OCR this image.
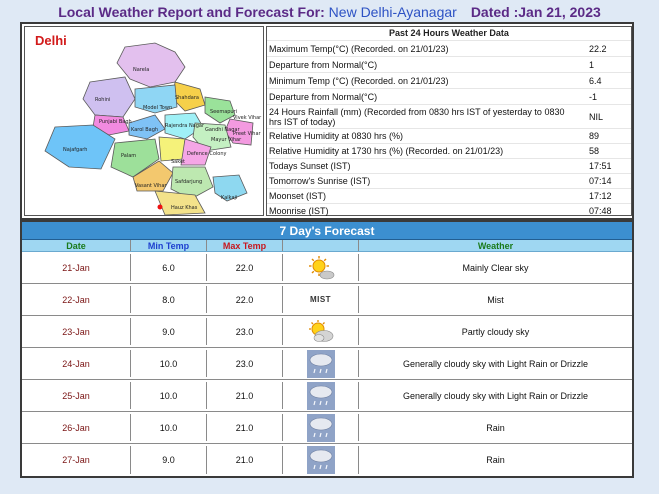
Local Weather Report and Forecast For: New Delhi-Ayanagar Dated :Jan 21, 2023
Delhi
Narela
Rohini	Shahdara
Model Town
Seemapuri
Punjabi Bagh
Karol Bagh
Rajendra Nagar
Kalkaji
Najafgarh
Palam
Vasant Vihar
Saket
Safdarjung
Hauz Khas
Defence Colony
Mayur Vihar
Preet Vihar
Vivek Vihar
Gandhi Nagar
Past 24 Hours Weather Data
Maximum Temp(°C) (Recorded. on 21/01/23)	22.2
Departure from Normal(°C)	1
Minimum Temp (°C) (Recorded. on 21/01/23)	6.4
Departure from Normal(°C)	-1
24 Hours Rainfall (mm) (Recorded from 0830 hrs IST of yesterday to 0830 hrs IST of today)	NIL
Relative Humidity at 0830 hrs (%)	89
Relative Humidity at 1730 hrs (%) (Recorded. on 21/01/23)	58
Todays Sunset (IST)	17:51
Tomorrow's Sunrise (IST)	07:14
Moonset (IST)	17:12
Moonrise (IST)	07:48
7 Day's Forecast
Date	Min Temp	Max Temp	Weather
21-Jan	6.0	22.0	Mainly Clear sky
22-Jan	8.0	22.0	MIST	Mist
23-Jan	9.0	23.0	Partly cloudy sky
24-Jan	10.0	23.0	Generally cloudy sky with Light Rain or Drizzle
25-Jan	10.0	21.0	Generally cloudy sky with Light Rain or Drizzle
26-Jan	10.0	21.0	Rain
27-Jan	9.0	21.0	Rain
